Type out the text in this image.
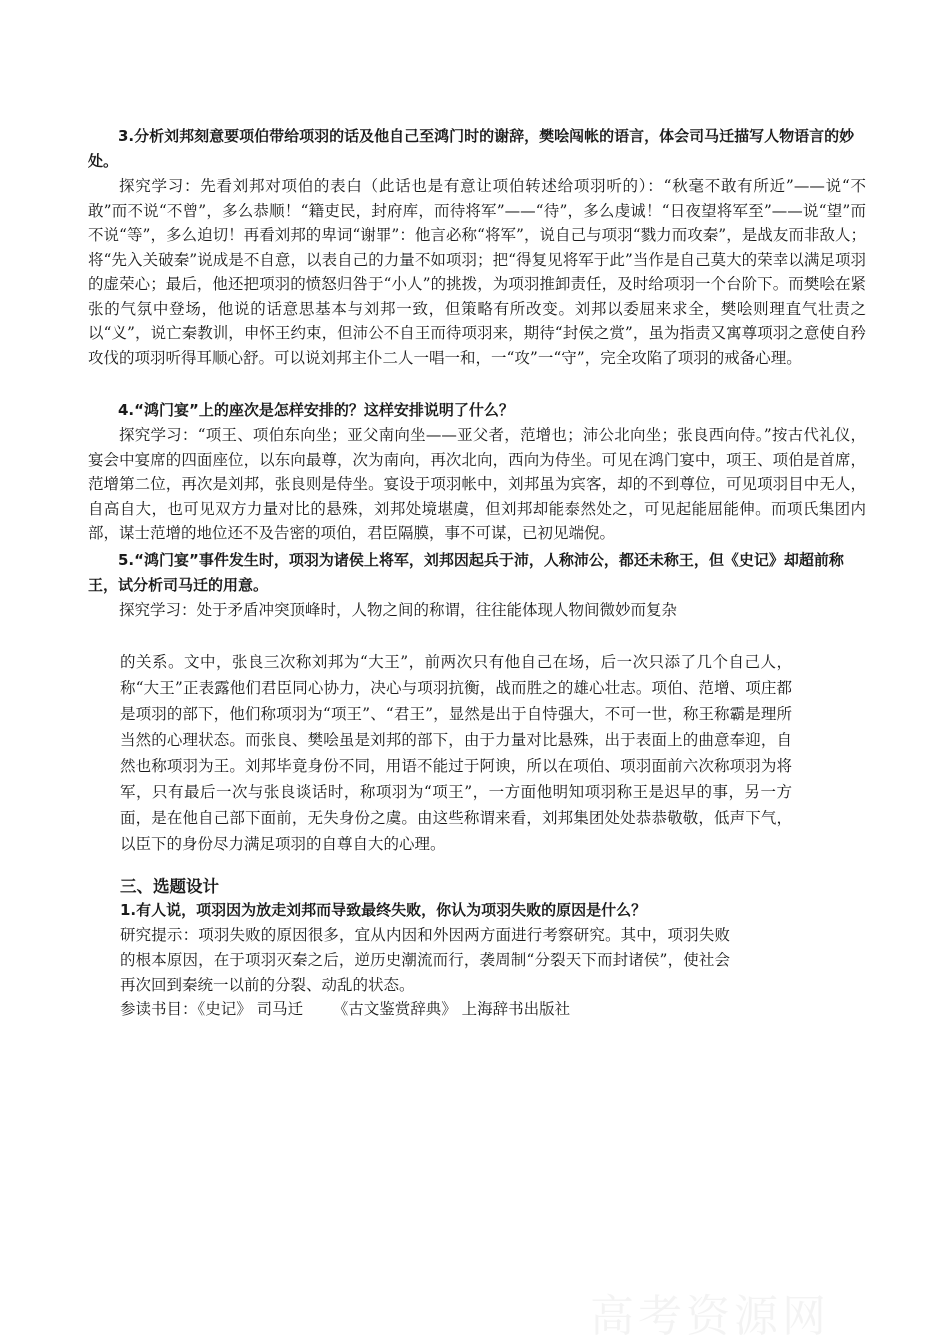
3.分析刘邦刻意要项伯带给项羽的话及他自己至鸿门时的谢辞，樊哙闯帐的语言，体会司马迁描写人物语言的妙处。
探究学习：先看刘邦对项伯的表白（此话也是有意让项伯转述给项羽听的）：“秋毫不敢有所近”——说“不敢”而不说“不曾”，多么恭顺！“籍吏民，封府库，而待将军”——“待”，多么虔诚！“日夜望将军至”——说“望”而不说“等”，多么迫切！再看刘邦的卑词“谢罪”：他言必称“将军”，说自己与项羽“戮力而攻秦”，是战友而非敌人；将“先入关破秦”说成是不自意，以表自己的力量不如项羽；把“得复见将军于此”当作是自己莫大的荣幸以满足项羽的虚荣心；最后，他还把项羽的愤怒归咎于“小人”的挑拨，为项羽推卸责任，及时给项羽一个台阶下。而樊哙在紧张的气氛中登场，他说的话意思基本与刘邦一致，但策略有所改变。刘邦以委屈来求全，樊哙则理直气壮责之以“义”，说亡秦教训，申怀王约束，但沛公不自王而待项羽来，期待“封侯之赏”，虽为指责又寓尊项羽之意使自矜攻伐的项羽听得耳顺心舒。可以说刘邦主仆二人一唱一和，一“攻”一“守”，完全攻陷了项羽的戒备心理。
4.“鸿门宴”上的座次是怎样安排的？这样安排说明了什么？
探究学习：“项王、项伯东向坐；亚父南向坐——亚父者，范增也；沛公北向坐；张良西向侍。”按古代礼仪，宴会中宴席的四面座位，以东向最尊，次为南向，再次北向，西向为侍坐。可见在鸿门宴中，项王、项伯是首席，范增第二位，再次是刘邦，张良则是侍坐。宴设于项羽帐中，刘邦虽为宾客，却的不到尊位，可见项羽目中无人，自高自大，也可见双方力量对比的悬殊，刘邦处境堪虞，但刘邦却能泰然处之，可见起能屈能伸。而项氏集团内部，谋士范增的地位还不及告密的项伯，君臣隔膜，事不可谋，已初见端倪。
5.“鸿门宴”事件发生时，项羽为诸侯上将军，刘邦因起兵于沛，人称沛公，都还未称王，但《史记》却超前称王，试分析司马迁的用意。
探究学习：处于矛盾冲突顶峰时，人物之间的称谓，往往能体现人物间微妙而复杂
的关系。文中，张良三次称刘邦为“大王”，前两次只有他自己在场，后一次只添了几个自己人，称“大王”正表露他们君臣同心协力，决心与项羽抗衡，战而胜之的雄心壮志。项伯、范增、项庄都是项羽的部下，他们称项羽为“项王”、“君王”，显然是出于自恃强大，不可一世，称王称霸是理所当然的心理状态。而张良、樊哙虽是刘邦的部下，由于力量对比悬殊，出于表面上的曲意奉迎，自然也称项羽为王。刘邦毕竟身份不同，用语不能过于阿谀，所以在项伯、项羽面前六次称项羽为将军，只有最后一次与张良谈话时，称项羽为“项王”，一方面他明知项羽称王是迟早的事，另一方面，是在他自己部下面前，无失身份之虞。由这些称谓来看，刘邦集团处处恭恭敬敬，低声下气，以臣下的身份尽力满足项羽的自尊自大的心理。
三、选题设计
1.有人说，项羽因为放走刘邦而导致最终失败，你认为项羽失败的原因是什么？
研究提示：项羽失败的原因很多，宜从内因和外因两方面进行考察研究。其中，项羽失败的根本原因，在于项羽灭秦之后，逆历史潮流而行，袭周制“分裂天下而封诸侯”，使社会再次回到秦统一以前的分裂、动乱的状态。
参读书目：《史记》 司马迁      《古文鉴赏辞典》 上海辞书出版社
高考资源网
